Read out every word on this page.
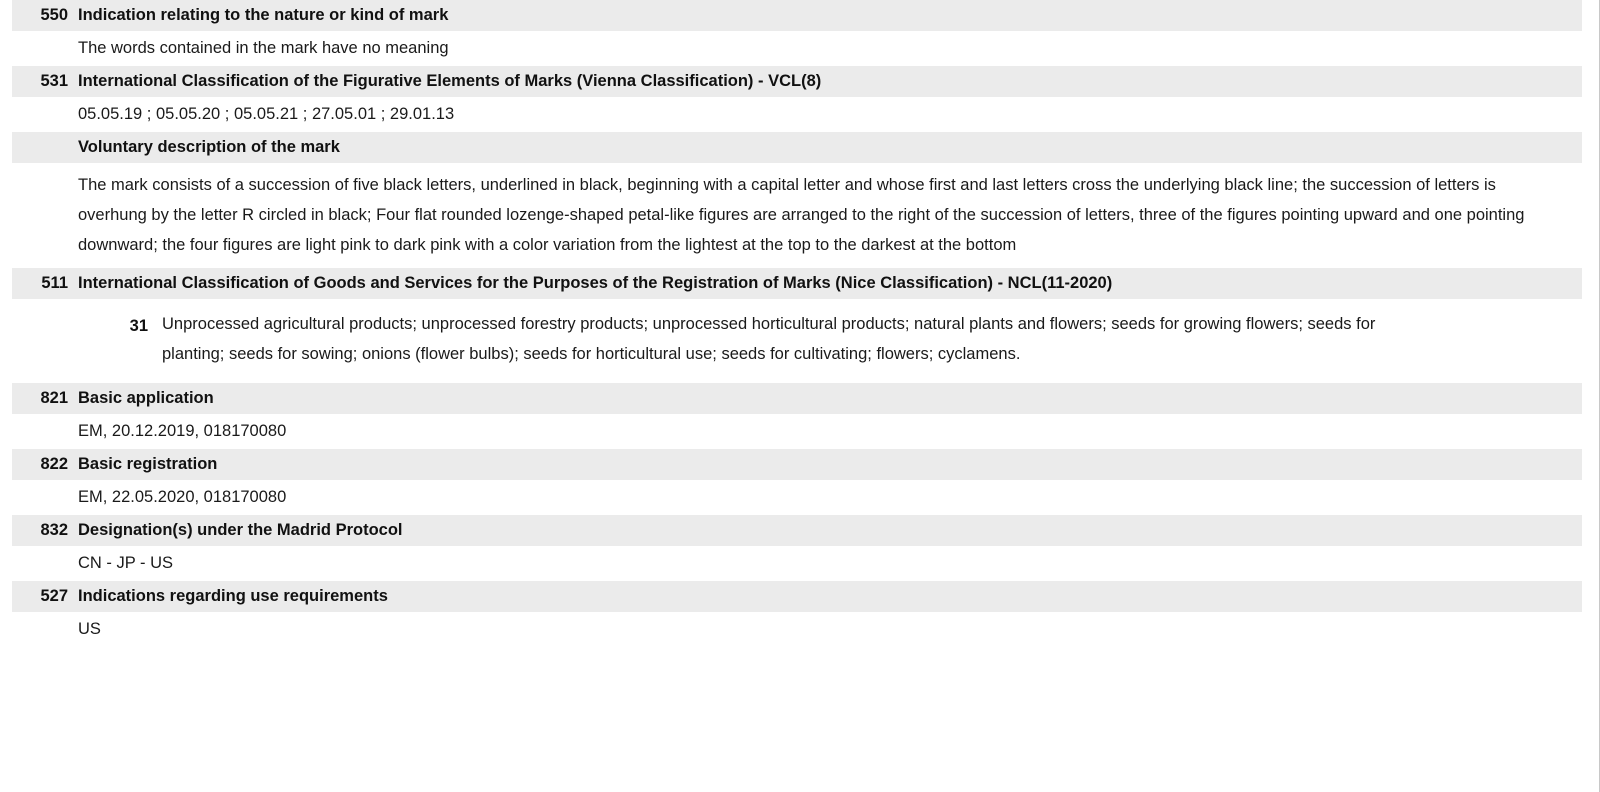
550 Indication relating to the nature or kind of mark
The words contained in the mark have no meaning
531 International Classification of the Figurative Elements of Marks (Vienna Classification) - VCL(8)
05.05.19 ; 05.05.20 ; 05.05.21 ; 27.05.01 ; 29.01.13
Voluntary description of the mark
The mark consists of a succession of five black letters, underlined in black, beginning with a capital letter and whose first and last letters cross the underlying black line; the succession of letters is overhung by the letter R circled in black; Four flat rounded lozenge-shaped petal-like figures are arranged to the right of the succession of letters, three of the figures pointing upward and one pointing downward; the four figures are light pink to dark pink with a color variation from the lightest at the top to the darkest at the bottom
511 International Classification of Goods and Services for the Purposes of the Registration of Marks (Nice Classification) - NCL(11-2020)
31 Unprocessed agricultural products; unprocessed forestry products; unprocessed horticultural products; natural plants and flowers; seeds for growing flowers; seeds for planting; seeds for sowing; onions (flower bulbs); seeds for horticultural use; seeds for cultivating; flowers; cyclamens.
821 Basic application
EM, 20.12.2019, 018170080
822 Basic registration
EM, 22.05.2020, 018170080
832 Designation(s) under the Madrid Protocol
CN - JP - US
527 Indications regarding use requirements
US
